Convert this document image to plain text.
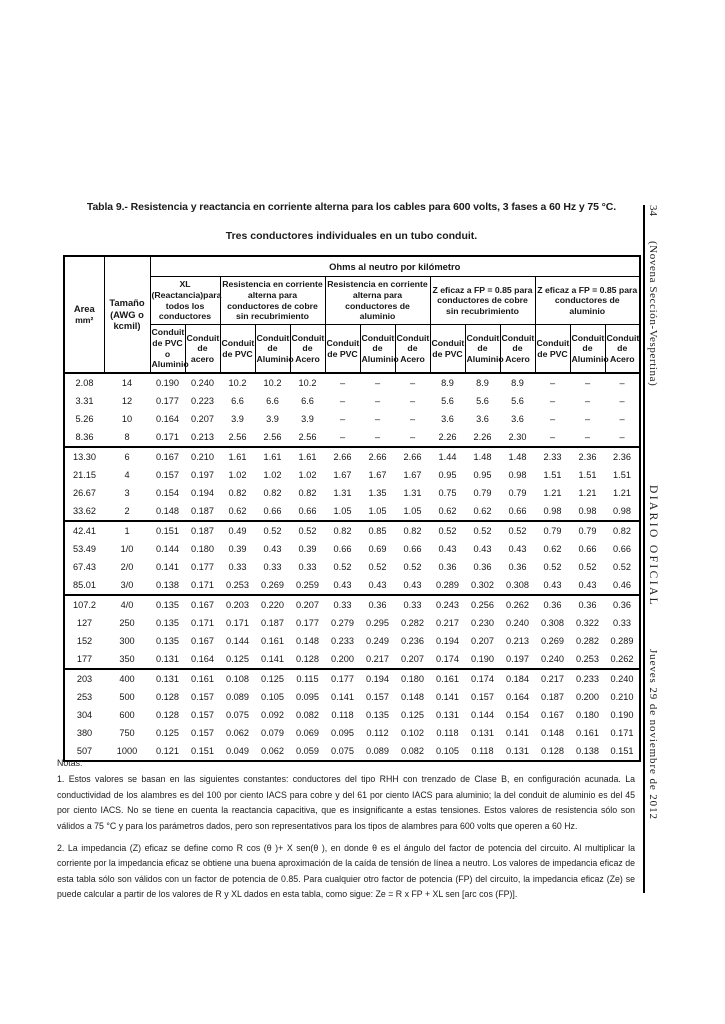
Tabla 9.- Resistencia y reactancia en corriente alterna para los cables para 600 volts, 3 fases a 60 Hz y 75 °C.
Tres conductores individuales en un tubo conduit.
Area
mm²	Tamaño (AWG o kcmil)	Ohms al neutro por kilómetro													
		XL (Reactancia)para todos los conductores		Resistencia en corriente alterna para conductores de cobre sin recubrimiento			Resistencia en corriente alterna para conductores de aluminio			Z eficaz a FP = 0.85 para conductores de cobre sin recubrimiento			Z eficaz a FP = 0.85 para conductores de aluminio		
		Conduit de PVC o Aluminio	Conduit de acero	Conduit de PVC	Conduit de Aluminio	Conduit de Acero	Conduit de PVC	Conduit de Aluminio	Conduit de Acero	Conduit de PVC	Conduit de Aluminio	Conduit de Acero	Conduit de PVC	Conduit de Aluminio	Conduit de Acero
2.08	14	0.190	0.240	10.2	10.2	10.2	–	–	–	8.9	8.9	8.9	–	–	–
3.31	12	0.177	0.223	6.6	6.6	6.6	–	–	–	5.6	5.6	5.6	–	–	–
5.26	10	0.164	0.207	3.9	3.9	3.9	–	–	–	3.6	3.6	3.6	–	–	–
8.36	8	0.171	0.213	2.56	2.56	2.56	–	–	–	2.26	2.26	2.30	–	–	–
13.30	6	0.167	0.210	1.61	1.61	1.61	2.66	2.66	2.66	1.44	1.48	1.48	2.33	2.36	2.36
21.15	4	0.157	0.197	1.02	1.02	1.02	1.67	1.67	1.67	0.95	0.95	0.98	1.51	1.51	1.51
26.67	3	0.154	0.194	0.82	0.82	0.82	1.31	1.35	1.31	0.75	0.79	0.79	1.21	1.21	1.21
33.62	2	0.148	0.187	0.62	0.66	0.66	1.05	1.05	1.05	0.62	0.62	0.66	0.98	0.98	0.98
42.41	1	0.151	0.187	0.49	0.52	0.52	0.82	0.85	0.82	0.52	0.52	0.52	0.79	0.79	0.82
53.49	1/0	0.144	0.180	0.39	0.43	0.39	0.66	0.69	0.66	0.43	0.43	0.43	0.62	0.66	0.66
67.43	2/0	0.141	0.177	0.33	0.33	0.33	0.52	0.52	0.52	0.36	0.36	0.36	0.52	0.52	0.52
85.01	3/0	0.138	0.171	0.253	0.269	0.259	0.43	0.43	0.43	0.289	0.302	0.308	0.43	0.43	0.46
107.2	4/0	0.135	0.167	0.203	0.220	0.207	0.33	0.36	0.33	0.243	0.256	0.262	0.36	0.36	0.36
127	250	0.135	0.171	0.171	0.187	0.177	0.279	0.295	0.282	0.217	0.230	0.240	0.308	0.322	0.33
152	300	0.135	0.167	0.144	0.161	0.148	0.233	0.249	0.236	0.194	0.207	0.213	0.269	0.282	0.289
177	350	0.131	0.164	0.125	0.141	0.128	0.200	0.217	0.207	0.174	0.190	0.197	0.240	0.253	0.262
203	400	0.131	0.161	0.108	0.125	0.115	0.177	0.194	0.180	0.161	0.174	0.184	0.217	0.233	0.240
253	500	0.128	0.157	0.089	0.105	0.095	0.141	0.157	0.148	0.141	0.157	0.164	0.187	0.200	0.210
304	600	0.128	0.157	0.075	0.092	0.082	0.118	0.135	0.125	0.131	0.144	0.154	0.167	0.180	0.190
380	750	0.125	0.157	0.062	0.079	0.069	0.095	0.112	0.102	0.118	0.131	0.141	0.148	0.161	0.171
507	1000	0.121	0.151	0.049	0.062	0.059	0.075	0.089	0.082	0.105	0.118	0.131	0.128	0.138	0.151
Notas:
1. Estos valores se basan en las siguientes constantes: conductores del tipo RHH con trenzado de Clase B, en configuración acunada. La conductividad de los alambres es del 100 por ciento IACS para cobre y del 61 por ciento IACS para aluminio; la del conduit de aluminio es del 45 por ciento IACS. No se tiene en cuenta la reactancia capacitiva, que es insignificante a estas tensiones. Estos valores de resistencia sólo son válidos a 75 °C y para los parámetros dados, pero son representativos para los tipos de alambres para 600 volts que operen a 60 Hz.
2. La impedancia (Z) eficaz se define como R cos (θ )+ X sen(θ ), en donde θ es el ángulo del factor de potencia del circuito. Al multiplicar la corriente por la impedancia eficaz se obtiene una buena aproximación de la caída de tensión de línea a neutro. Los valores de impedancia eficaz de esta tabla sólo son válidos con un factor de potencia de 0.85. Para cualquier otro factor de potencia (FP) del circuito, la impedancia eficaz (Ze) se puede calcular a partir de los valores de R y XL dados en esta tabla, como sigue: Ze = R x FP + XL sen [arc cos (FP)].
34
(Novena Sección-Vespertina)
DIARIO OFICIAL
Jueves 29 de noviembre de 2012
